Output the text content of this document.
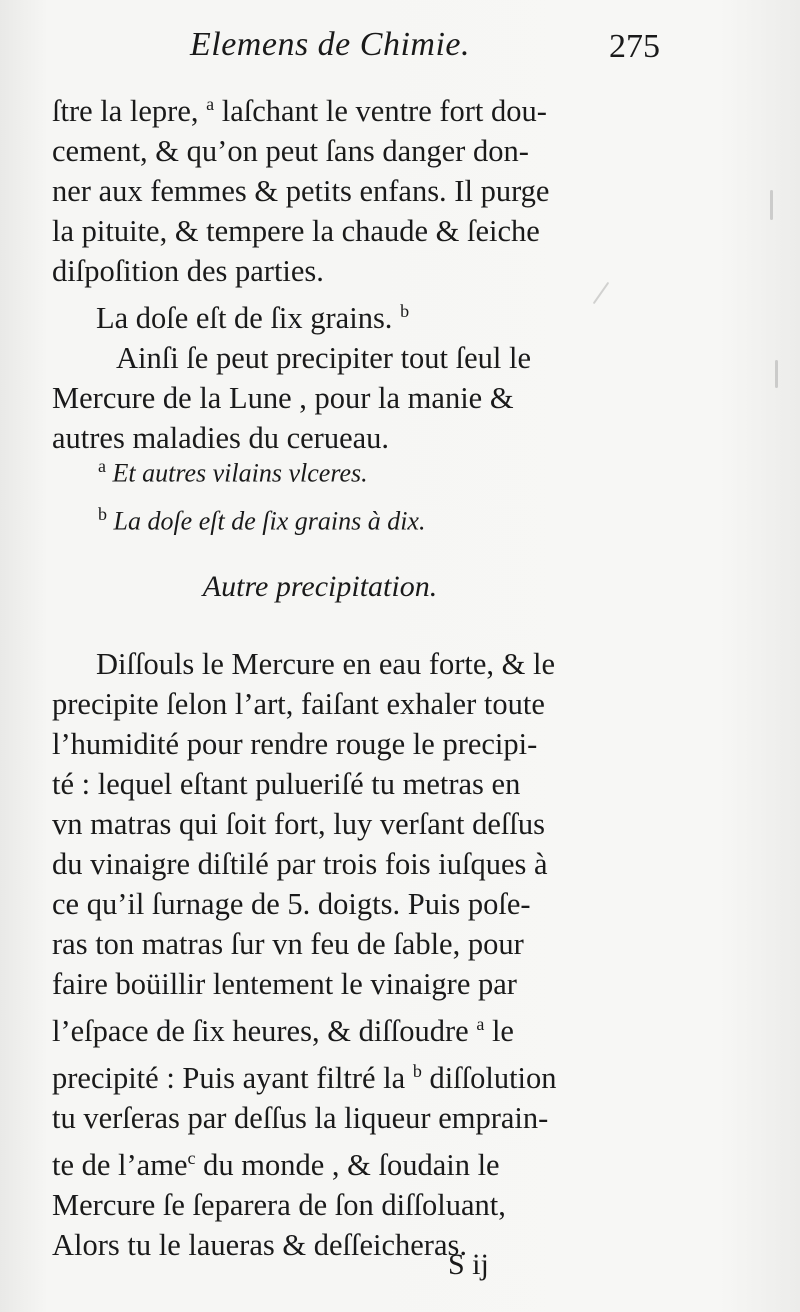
Elemens de Chimie.	275
ſtre la lepre, $^a$ laſchant le ventre fort dou-
cement, & qu’on peut ſans danger don-
ner aux femmes & petits enfans. Il purge
la pituite, & tempere la chaude & ſeiche
diſpoſition des parties.
La doſe eſt de ſix grains. $^b$
Ainſi ſe peut precipiter tout ſeul le
Mercure de la Lune , pour la manie &
autres maladies du cerueau.
$^a$ Et autres vilains vlceres.
$^b$ La doſe eſt de ſix grains à dix.
Autre precipitation.
Diſſouls le Mercure en eau forte, & le
precipite ſelon l’art, faiſant exhaler toute
l’humidité pour rendre rouge le precipi-
té : lequel eſtant pulueriſé tu metras en
vn matras qui ſoit fort, luy verſant deſſus
du vinaigre diſtilé par trois fois iuſques à
ce qu’il ſurnage de 5. doigts. Puis poſe-
ras ton matras ſur vn feu de ſable, pour
faire boüillir lentement le vinaigre par
l’eſpace de ſix heures, & diſſoudre $^a$ le
precipité : Puis ayant filtré la $^b$ diſſolution
tu verſeras par deſſus la liqueur emprain-
te de l’ame$^c$ du monde , & ſoudain le
Mercure ſe ſeparera de ſon diſſoluant,
Alors tu le laueras & deſſeicheras.
S ij
